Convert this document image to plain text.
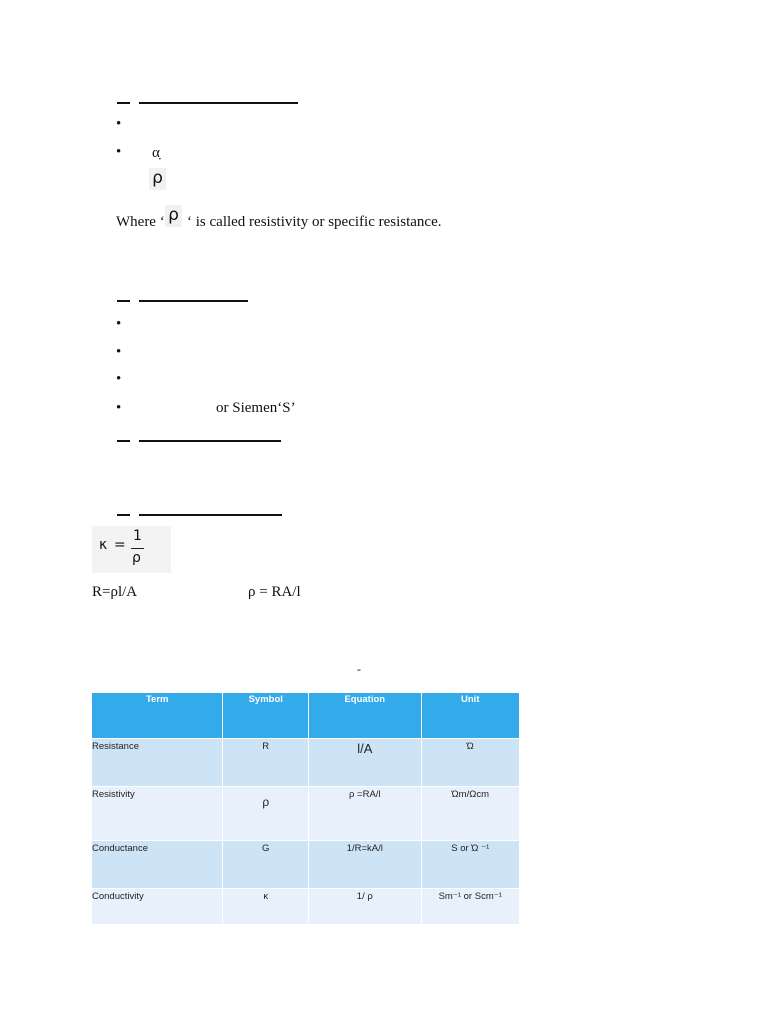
•
• α̣
ρ
Where ‘ ρ ‘ is called resistivity or specific resistance.
•
•
•
•	or Siemen‘S’
κ =
1
ρ
R=ρl/A	ρ = RA/l
-
Term	Symbol	Equation	Unit
Resistance	R	l/A	Ώ
Resistivity	ρ	ρ =RA/l	Ώm/Ωcm
Conductance	G	1/R=kA/l	S or Ώ ⁻¹
Conductivity	κ	1/ ρ	Sm⁻¹ or Scm⁻¹
